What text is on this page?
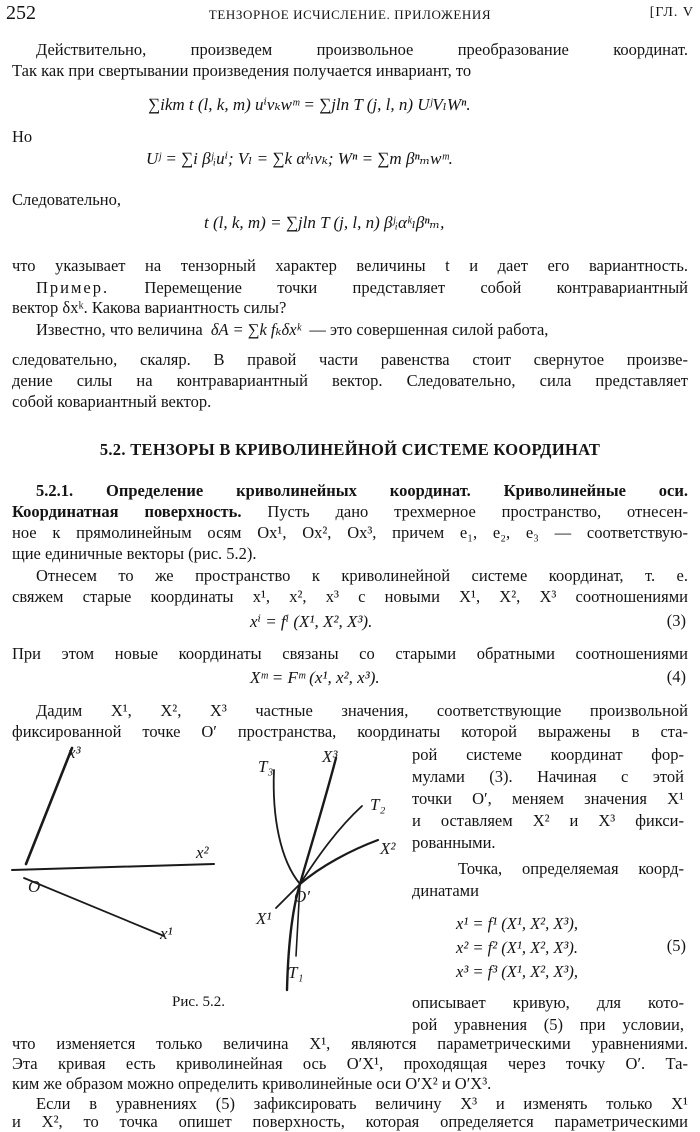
252	ТЕНЗОРНОЕ ИСЧИСЛЕНИЕ. ПРИЛОЖЕНИЯ	[ГЛ. V
Действительно, произведем произвольное преобразование координат.
Так как при свертывании произведения получается инвариант, то
∑ikm t (l, k, m) uⁱvₖwᵐ = ∑jln T (j, l, n) UʲVₗWⁿ.
Но
Uʲ = ∑i βʲᵢuⁱ; Vₗ = ∑k αᵏₗvₖ; Wⁿ = ∑m βⁿₘwᵐ.
Следовательно,
t (l, k, m) = ∑jln T (j, l, n) βʲᵢαᵏₗβⁿₘ,
что указывает на тензорный характер величины t и дает его вариантность.
Пример. Перемещение точки представляет собой контравариантный
вектор δxᵏ. Какова вариантность силы?
Известно, что величина δA = ∑k fₖδxᵏ — это совершенная силой работа,
следовательно, скаляр. В правой части равенства стоит свернутое произве-
дение силы на контравариантный вектор. Следовательно, сила представляет
собой ковариантный вектор.
5.2. ТЕНЗОРЫ В КРИВОЛИНЕЙНОЙ СИСТЕМЕ КООРДИНАТ
5.2.1. Определение криволинейных координат. Криволинейные оси.
Координатная поверхность. Пусть дано трехмерное пространство, отнесен-
ное к прямолинейным осям Ox¹, Ox², Ox³, причем e₁, e₂, e₃ — соответствую-
щие единичные векторы (рис. 5.2).
Отнесем то же пространство к криволинейной системе координат, т. е.
свяжем старые координаты x¹, x², x³ с новыми X¹, X², X³ соотношениями
xⁱ = fⁱ (X¹, X², X³).	(3)
При этом новые координаты связаны со старыми обратными соотношениями
Xᵐ = Fᵐ (x¹, x², x³).	(4)
Дадим X¹, X², X³ частные значения, соответствующие произвольной
фиксированной точке O′ пространства, координаты которой выражены в ста-
x³
x²
x¹
O
T₃
X³
T₂
X²
O′
X¹
T₁
Рис. 5.2.
рой системе координат фор-
мулами (3). Начиная с этой
точки O′, меняем значения X¹
и оставляем X² и X³ фикси-
рованными.
Точка, определяемая коорд-
динатами
x¹ = f¹ (X¹, X², X³),
x² = f² (X¹, X², X³).
x³ = f³ (X¹, X², X³),
(5)
описывает кривую, для кото-
рой уравнения (5) при условии,
что изменяется только величина X¹, являются параметрическими уравнениями.
Эта кривая есть криволинейная ось O′X¹, проходящая через точку O′. Та-
ким же образом можно определить криволинейные оси O′X² и O′X³.
Если в уравнениях (5) зафиксировать величину X³ и изменять только X¹
и X², то точка опишет поверхность, которая определяется параметрическими
